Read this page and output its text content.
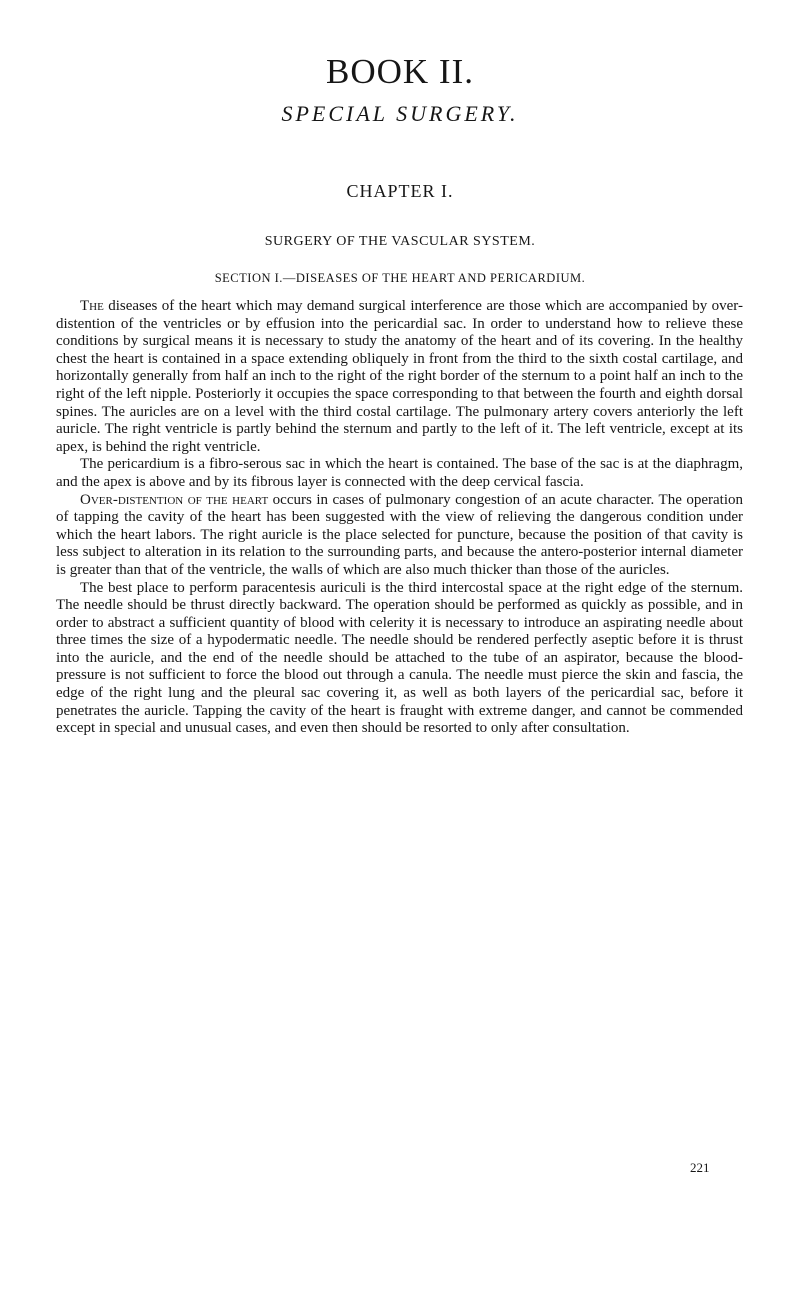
BOOK II.
SPECIAL SURGERY.
CHAPTER I.
SURGERY OF THE VASCULAR SYSTEM.
SECTION I.—DISEASES OF THE HEART AND PERICARDIUM.

The diseases of the heart which may demand surgical interference are those which are accompanied by over-distention of the ventricles or by effusion into the pericardial sac. In order to understand how to relieve these conditions by surgical means it is necessary to study the anatomy of the heart and of its covering. In the healthy chest the heart is contained in a space extending obliquely in front from the third to the sixth costal cartilage, and horizontally generally from half an inch to the right of the right border of the sternum to a point half an inch to the right of the left nipple. Posteriorly it occupies the space corresponding to that between the fourth and eighth dorsal spines. The auricles are on a level with the third costal cartilage. The pulmonary artery covers anteriorly the left auricle. The right ventricle is partly behind the sternum and partly to the left of it. The left ventricle, except at its apex, is behind the right ventricle.

The pericardium is a fibro-serous sac in which the heart is contained. The base of the sac is at the diaphragm, and the apex is above and by its fibrous layer is connected with the deep cervical fascia.

Over-distention of the heart occurs in cases of pulmonary congestion of an acute character. The operation of tapping the cavity of the heart has been suggested with the view of relieving the dangerous condition under which the heart labors. The right auricle is the place selected for puncture, because the position of that cavity is less subject to alteration in its relation to the surrounding parts, and because the antero-posterior internal diameter is greater than that of the ventricle, the walls of which are also much thicker than those of the auricles.

The best place to perform paracentesis auriculi is the third intercostal space at the right edge of the sternum. The needle should be thrust directly backward. The operation should be performed as quickly as possible, and in order to abstract a sufficient quantity of blood with celerity it is necessary to introduce an aspirating needle about three times the size of a hypodermatic needle. The needle should be rendered perfectly aseptic before it is thrust into the auricle, and the end of the needle should be attached to the tube of an aspirator, because the blood-pressure is not sufficient to force the blood out through a canula. The needle must pierce the skin and fascia, the edge of the right lung and the pleural sac covering it, as well as both layers of the pericardial sac, before it penetrates the auricle. Tapping the cavity of the heart is fraught with extreme danger, and cannot be commended except in special and unusual cases, and even then should be resorted to only after consultation.

221
